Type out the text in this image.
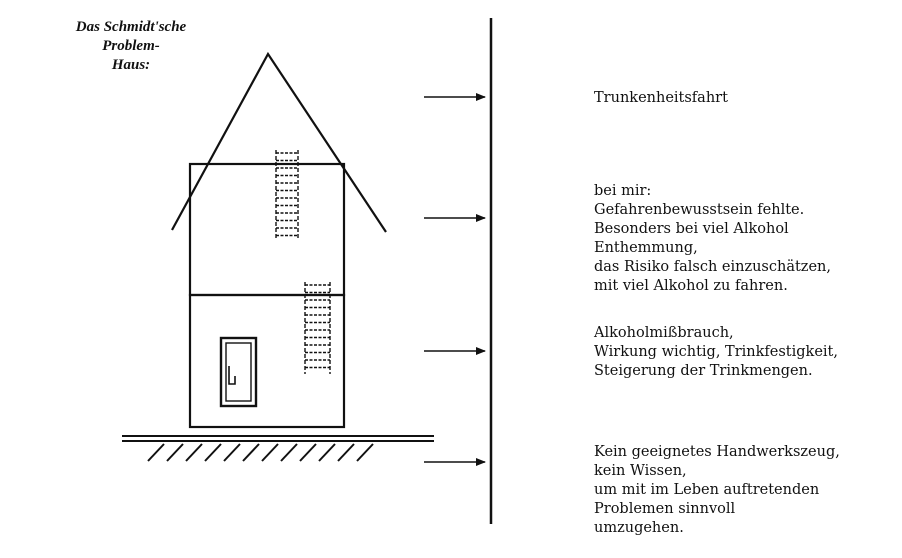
Das Schmidt'sche
Problem-
Haus:
Trunkenheitsfahrt
bei mir:
Gefahrenbewusstsein fehlte.
Besonders bei viel Alkohol
Enthemmung,
das Risiko falsch einzuschätzen,
mit viel Alkohol zu fahren.
Alkoholmißbrauch,
Wirkung wichtig, Trinkfestigkeit,
Steigerung der Trinkmengen.
Kein geeignetes Handwerkszeug,
kein Wissen,
um mit im Leben auftretenden
Problemen sinnvoll
umzugehen.
